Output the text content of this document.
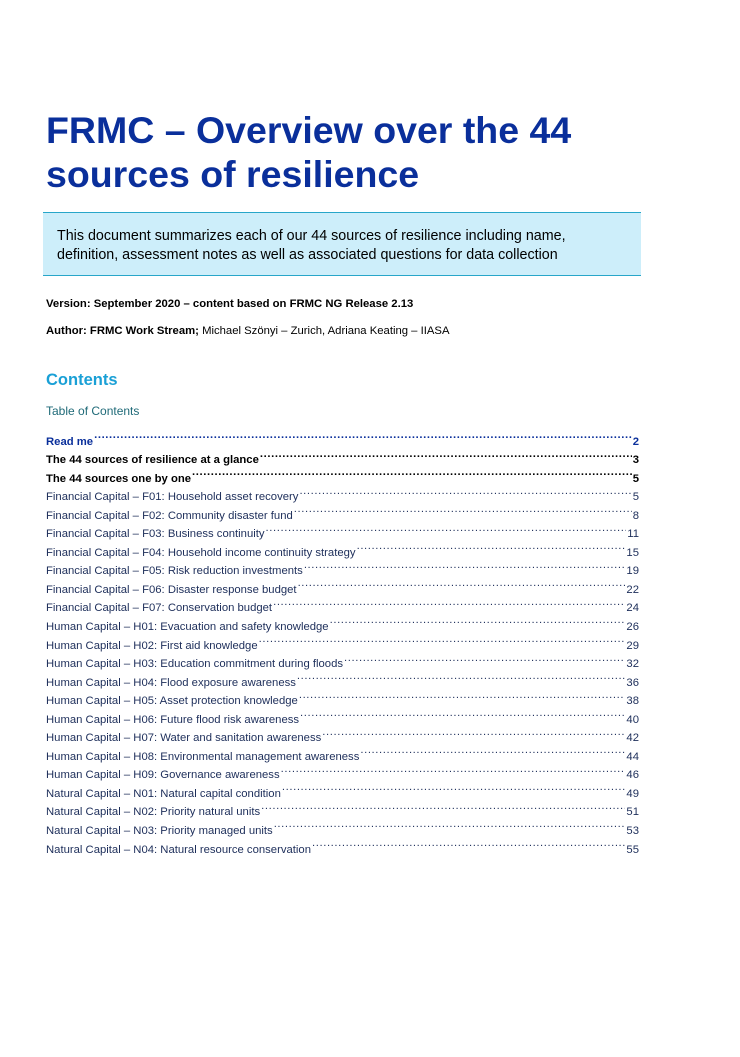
FRMC – Overview over the 44
sources of resilience

This document summarizes each of our 44 sources of resilience including name, definition, assessment notes as well as associated questions for data collection

Version: September 2020 – content based on FRMC NG Release 2.13
Author: FRMC Work Stream; Michael Szönyi – Zurich, Adriana Keating – IIASA
Contents
Table of Contents
Read me .....	2
The 44 sources of resilience at a glance .....	3
The 44 sources one by one .....	5
Financial Capital – F01: Household asset recovery .....	5
Financial Capital – F02: Community disaster fund .....	8
Financial Capital – F03: Business continuity .....	11
Financial Capital – F04: Household income continuity strategy .....	15
Financial Capital – F05: Risk reduction investments .....	19
Financial Capital – F06: Disaster response budget .....	22
Financial Capital – F07: Conservation budget .....	24
Human Capital – H01: Evacuation and safety knowledge .....	26
Human Capital – H02: First aid knowledge .....	29
Human Capital – H03: Education commitment during floods .....	32
Human Capital – H04: Flood exposure awareness .....	36
Human Capital – H05: Asset protection knowledge .....	38
Human Capital – H06: Future flood risk awareness .....	40
Human Capital – H07: Water and sanitation awareness .....	42
Human Capital – H08: Environmental management awareness .....	44
Human Capital – H09: Governance awareness .....	46
Natural Capital – N01: Natural capital condition .....	49
Natural Capital – N02: Priority natural units .....	51
Natural Capital – N03: Priority managed units .....	53
Natural Capital – N04: Natural resource conservation .....	55
